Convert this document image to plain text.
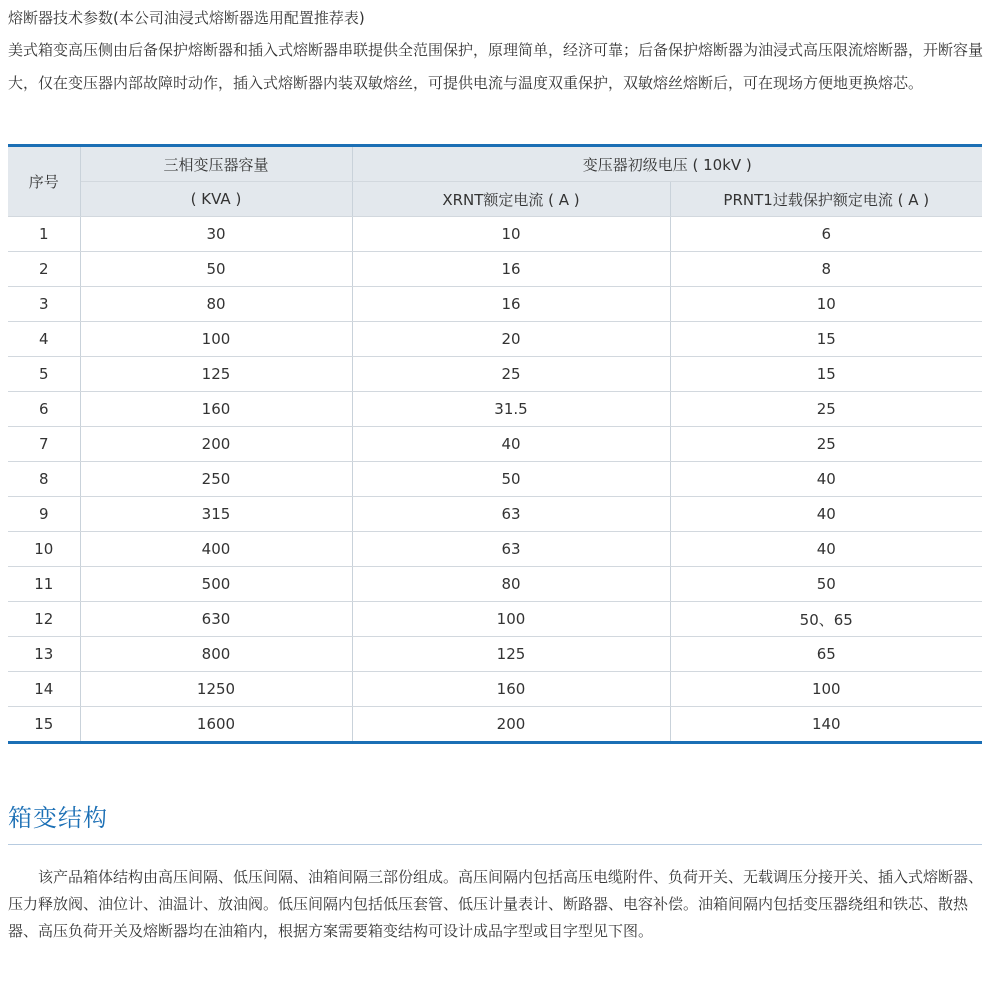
熔断器技术参数(本公司油浸式熔断器选用配置推荐表)
美式箱变高压侧由后备保护熔断器和插入式熔断器串联提供全范围保护，原理简单，经济可靠；后备保护熔断器为油浸式高压限流熔断器，开断容量大，仅在变压器内部故障时动作，插入式熔断器内装双敏熔丝，可提供电流与温度双重保护，双敏熔丝熔断后，可在现场方便地更换熔芯。
序号	三相变压器容量	变压器初级电压 ( 10kV )	
	( KVA )	XRNT额定电流 ( A )	PRNT1过载保护额定电流 ( A )
1	30	10	6
2	50	16	8
3	80	16	10
4	100	20	15
5	125	25	15
6	160	31.5	25
7	200	40	25
8	250	50	40
9	315	63	40
10	400	63	40
11	500	80	50
12	630	100	50、65
13	800	125	65
14	1250	160	100
15	1600	200	140
箱变结构
该产品箱体结构由高压间隔、低压间隔、油箱间隔三部份组成。高压间隔内包括高压电缆附件、负荷开关、无载调压分接开关、插入式熔断器、压力释放阀、油位计、油温计、放油阀。低压间隔内包括低压套管、低压计量表计、断路器、电容补偿。油箱间隔内包括变压器绕组和铁芯、散热器、高压负荷开关及熔断器均在油箱内，根据方案需要箱变结构可设计成品字型或目字型见下图。
